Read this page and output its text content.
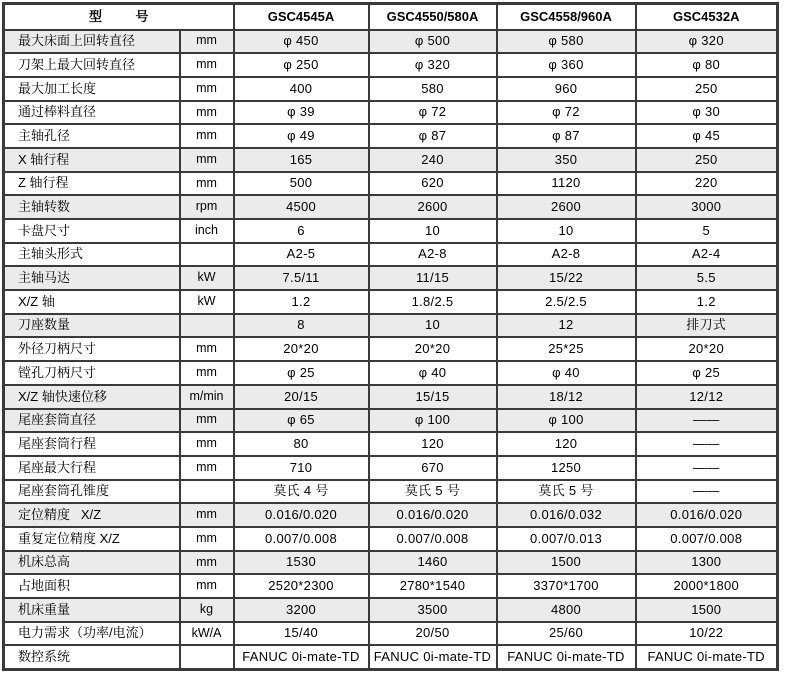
型 号		GSC4545A	GSC4550/580A	GSC4558/960A	GSC4532A
最大床面上回转直径	mm	φ 450	φ 500	φ 580	φ 320
刀架上最大回转直径	mm	φ 250	φ 320	φ 360	φ 80
最大加工长度	mm	400	580	960	250
通过棒料直径	mm	φ 39	φ 72	φ 72	φ 30
主轴孔径	mm	φ 49	φ 87	φ 87	φ 45
X 轴行程	mm	165	240	350	250
Z 轴行程	mm	500	620	1120	220
主轴转数	rpm	4500	2600	2600	3000
卡盘尺寸	inch	6	10	10	5
主轴头形式		A2-5	A2-8	A2-8	A2-4
主轴马达	kW	7.5/11	11/15	15/22	5.5
X/Z 轴	kW	1.2	1.8/2.5	2.5/2.5	1.2
刀座数量		8	10	12	排刀式
外径刀柄尺寸	mm	20*20	20*20	25*25	20*20
镗孔刀柄尺寸	mm	φ 25	φ 40	φ 40	φ 25
X/Z 轴快速位移	m/min	20/15	15/15	18/12	12/12
尾座套筒直径	mm	φ 65	φ 100	φ 100	——
尾座套筒行程	mm	80	120	120	——
尾座最大行程	mm	710	670	1250	——
尾座套筒孔锥度		莫氏 4 号	莫氏 5 号	莫氏 5 号	——
定位精度   X/Z	mm	0.016/0.020	0.016/0.020	0.016/0.032	0.016/0.020
重复定位精度 X/Z	mm	0.007/0.008	0.007/0.008	0.007/0.013	0.007/0.008
机床总高	mm	1530	1460	1500	1300
占地面积	mm	2520*2300	2780*1540	3370*1700	2000*1800
机床重量	kg	3200	3500	4800	1500
电力需求（功率/电流）	kW/A	15/40	20/50	25/60	10/22
数控系统		FANUC 0i-mate-TD	FANUC 0i-mate-TD	FANUC 0i-mate-TD	FANUC 0i-mate-TD
